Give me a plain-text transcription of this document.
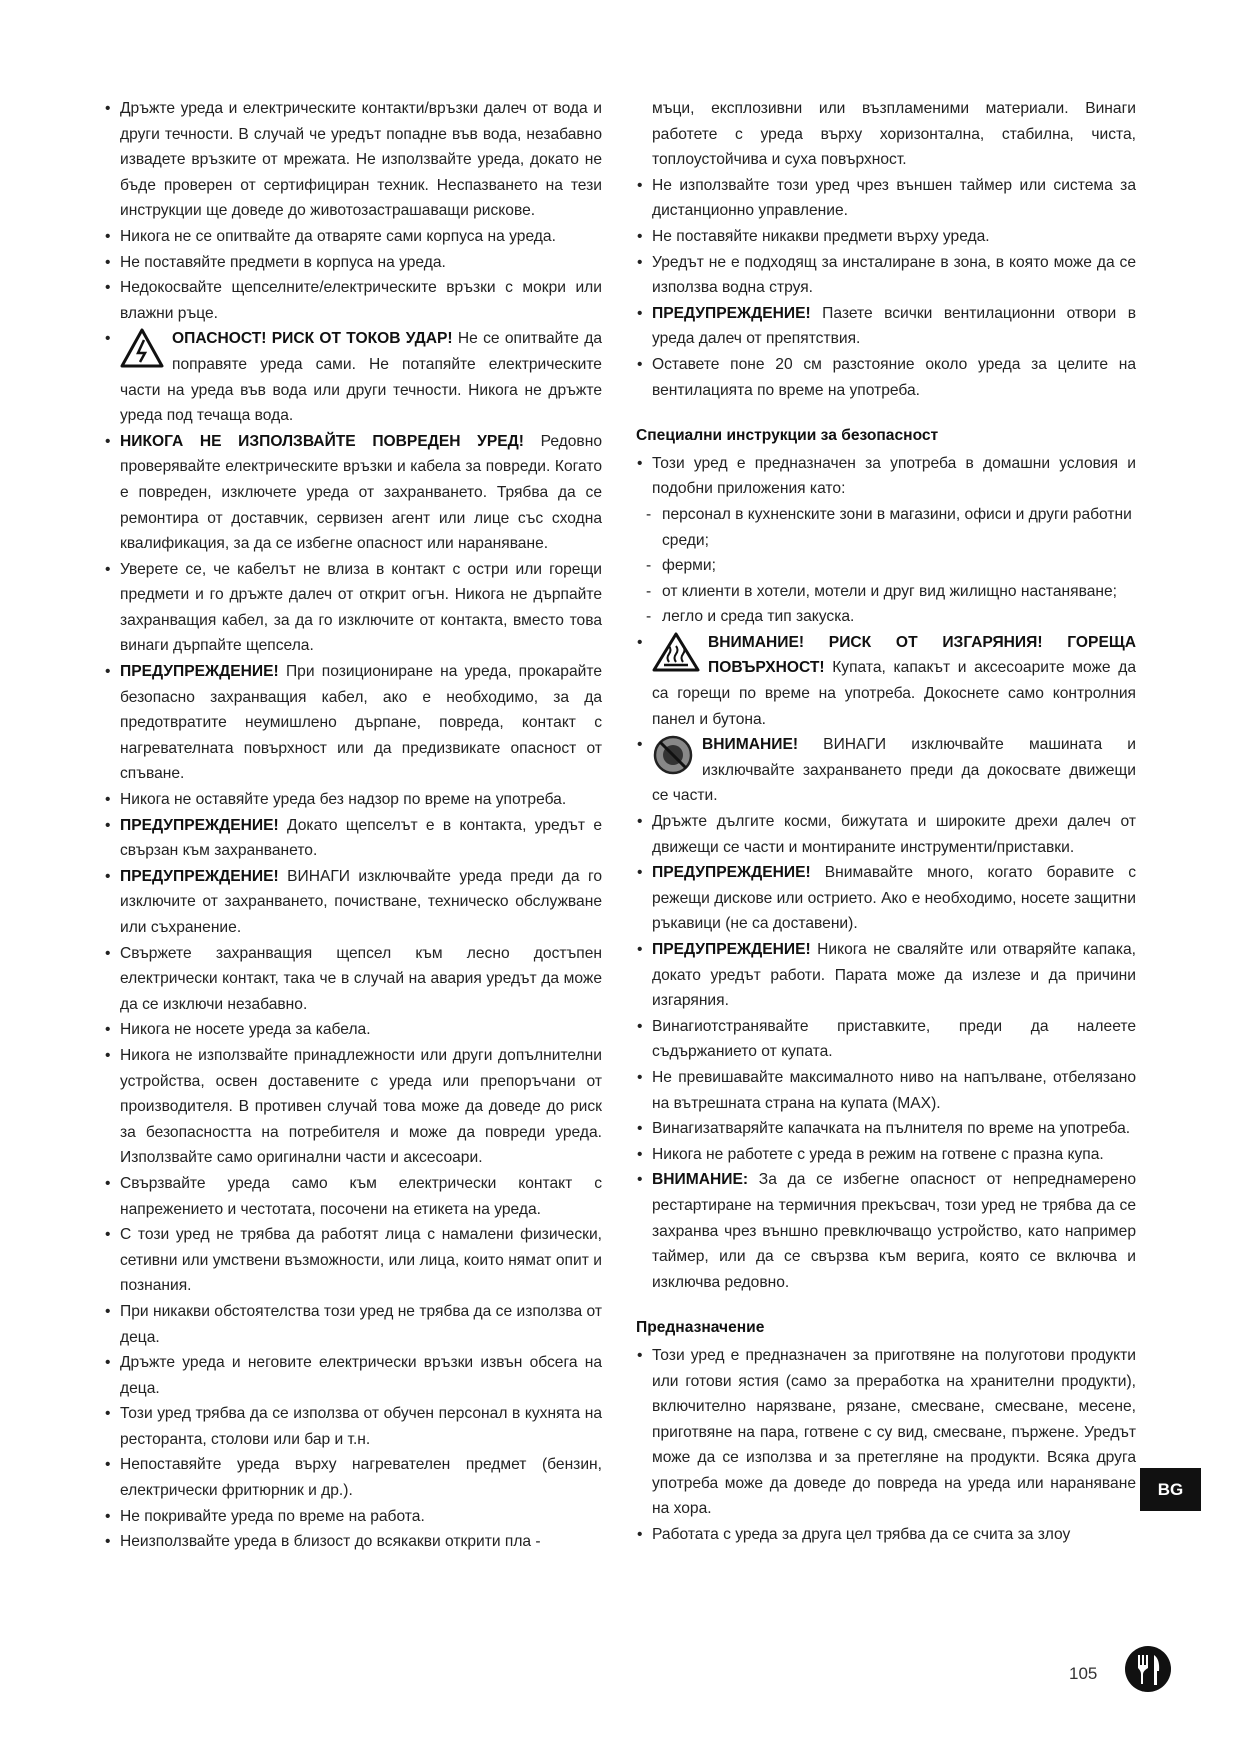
• Дръжте уреда и електрическите контакти/връзки далеч от вода и други течности. В случай че уредът попадне във вода, незабавно извадете връзките от мрежата. Не използвайте уреда, докато не бъде проверен от сертифициран техник. Неспазването на тези инструкции ще доведе до животозастрашаващи рискове.

• Никога не се опитвайте да отваряте сами корпуса на уреда.

• Не поставяйте предмети в корпуса на уреда.

• Недокосвайте щепселните/електрическите връзки с мокри или влажни ръце.

• ОПАСНОСТ! РИСК ОТ ТОКОВ УДАР! Не се опитвайте да поправяте уреда сами. Не потапяйте електрическите части на уреда във вода или други течности. Никога не дръжте уреда под течаща вода.

• НИКОГА НЕ ИЗПОЛЗВАЙТЕ ПОВРЕДЕН УРЕД! Редовно проверявайте електрическите връзки и кабела за повреди. Когато е повреден, изключете уреда от захранването. Трябва да се ремонтира от доставчик, сервизен агент или лице със сходна квалификация, за да се избегне опасност или нараняване.

• Уверете се, че кабелът не влиза в контакт с остри или горещи предмети и го дръжте далеч от открит огън. Никога не дърпайте захранващия кабел, за да го изключите от контакта, вместо това винаги дърпайте щепсела.

• ПРЕДУПРЕЖДЕНИЕ! При позициониране на уреда, прокарайте безопасно захранващия кабел, ако е необходимо, за да предотвратите неумишлено дърпане, повреда, контакт с нагревателната повърхност или да предизвикате опасност от спъване.

• Никога не оставяйте уреда без надзор по време на употреба.

• ПРЕДУПРЕЖДЕНИЕ! Докато щепселът е в контакта, уредът е свързан към захранването.

• ПРЕДУПРЕЖДЕНИЕ! ВИНАГИ изключвайте уреда преди да го изключите от захранването, почистване, техническо обслужване или съхранение.

• Свържете захранващия щепсел към лесно достъпен електрически контакт, така че в случай на авария уредът да може да се изключи незабавно.

• Никога не носете уреда за кабела.

• Никога не използвайте принадлежности или други допълнителни устройства, освен доставените с уреда или препоръчани от производителя. В противен случай това може да доведе до риск за безопасността на потребителя и може да повреди уреда. Използвайте само оригинални части и аксесоари.

• Свързвайте уреда само към електрически контакт с напрежението и честотата, посочени на етикета на уреда.

• С този уред не трябва да работят лица с намалени физически, сетивни или умствени възможности, или лица, които нямат опит и познания.

• При никакви обстоятелства този уред не трябва да се използва от деца.

• Дръжте уреда и неговите електрически връзки извън обсега на деца.

• Този уред трябва да се използва от обучен персонал в кухнята на ресторанта, столови или бар и т.н.

• Непоставяйте уреда върху нагревателен предмет (бензин, електрически фритюрник и др.).

• Не покривайте уреда по време на работа.

• Неизползвайте уреда в близост до всякакви открити пла -

мъци, експлозивни или възпламеними материали. Винаги работете с уреда върху хоризонтална, стабилна, чиста, топлоустойчива и суха повърхност.

• Не използвайте този уред чрез външен таймер или система за дистанционно управление.

• Не поставяйте никакви предмети върху уреда.

• Уредът не е подходящ за инсталиране в зона, в която може да се използва водна струя.

• ПРЕДУПРЕЖДЕНИЕ! Пазете всички вентилационни отвори в уреда далеч от препятствия.

• Оставете поне 20 см разстояние около уреда за целите на вентилацията по време на употреба.

Специални инструкции за безопасност

• Този уред е предназначен за употреба в домашни условия и подобни приложения като:

- персонал в кухненските зони в магазини, офиси и други работни среди;

- ферми;

- от клиенти в хотели, мотели и друг вид жилищно настаняване;

- легло и среда тип закуска.

• ВНИМАНИЕ! РИСК ОТ ИЗГАРЯНИЯ! ГОРЕЩА ПОВЪРХНОСТ! Купата, капакът и аксесоарите може да са горещи по време на употреба. Докоснете само контролния панел и бутона.

• ВНИМАНИЕ! ВИНАГИ изключвайте машината и изключвайте захранването преди да докосвате движещи се части.

• Дръжте дългите косми, бижутата и широките дрехи далеч от движещи се части и монтираните инструменти/приставки.

• ПРЕДУПРЕЖДЕНИЕ! Внимавайте много, когато боравите с режещи дискове или острието. Ако е необходимо, носете защитни ръкавици (не са доставени).

• ПРЕДУПРЕЖДЕНИЕ! Никога не сваляйте или отваряйте капака, докато уредът работи. Парата може да излезе и да причини изгаряния.

• Винагиотстранявайте приставките, преди да налеете съдържанието от купата.

• Не превишавайте максималното ниво на напълване, отбелязано на вътрешната страна на купата (MAX).

• Винагизатваряйте капачката на пълнителя по време на употреба.

• Никога не работете с уреда в режим на готвене с празна купа.

• ВНИМАНИЕ: За да се избегне опасност от непреднамерено рестартиране на термичния прекъсвач, този уред не трябва да се захранва чрез външно превключващо устройство, като например таймер, или да се свързва към верига, която се включва и изключва редовно.

Предназначение

• Този уред е предназначен за приготвяне на полуготови продукти или готови ястия (само за преработка на хранителни продукти), включително нарязване, рязане, смесване, смесване, месене, приготвяне на пара, готвене с су вид, смесване, пържене. Уредът може да се използва и за претегляне на продукти. Всяка друга употреба може да доведе до повреда на уреда или нараняване на хора.

• Работата с уреда за друга цел трябва да се счита за злоу

BG
105
